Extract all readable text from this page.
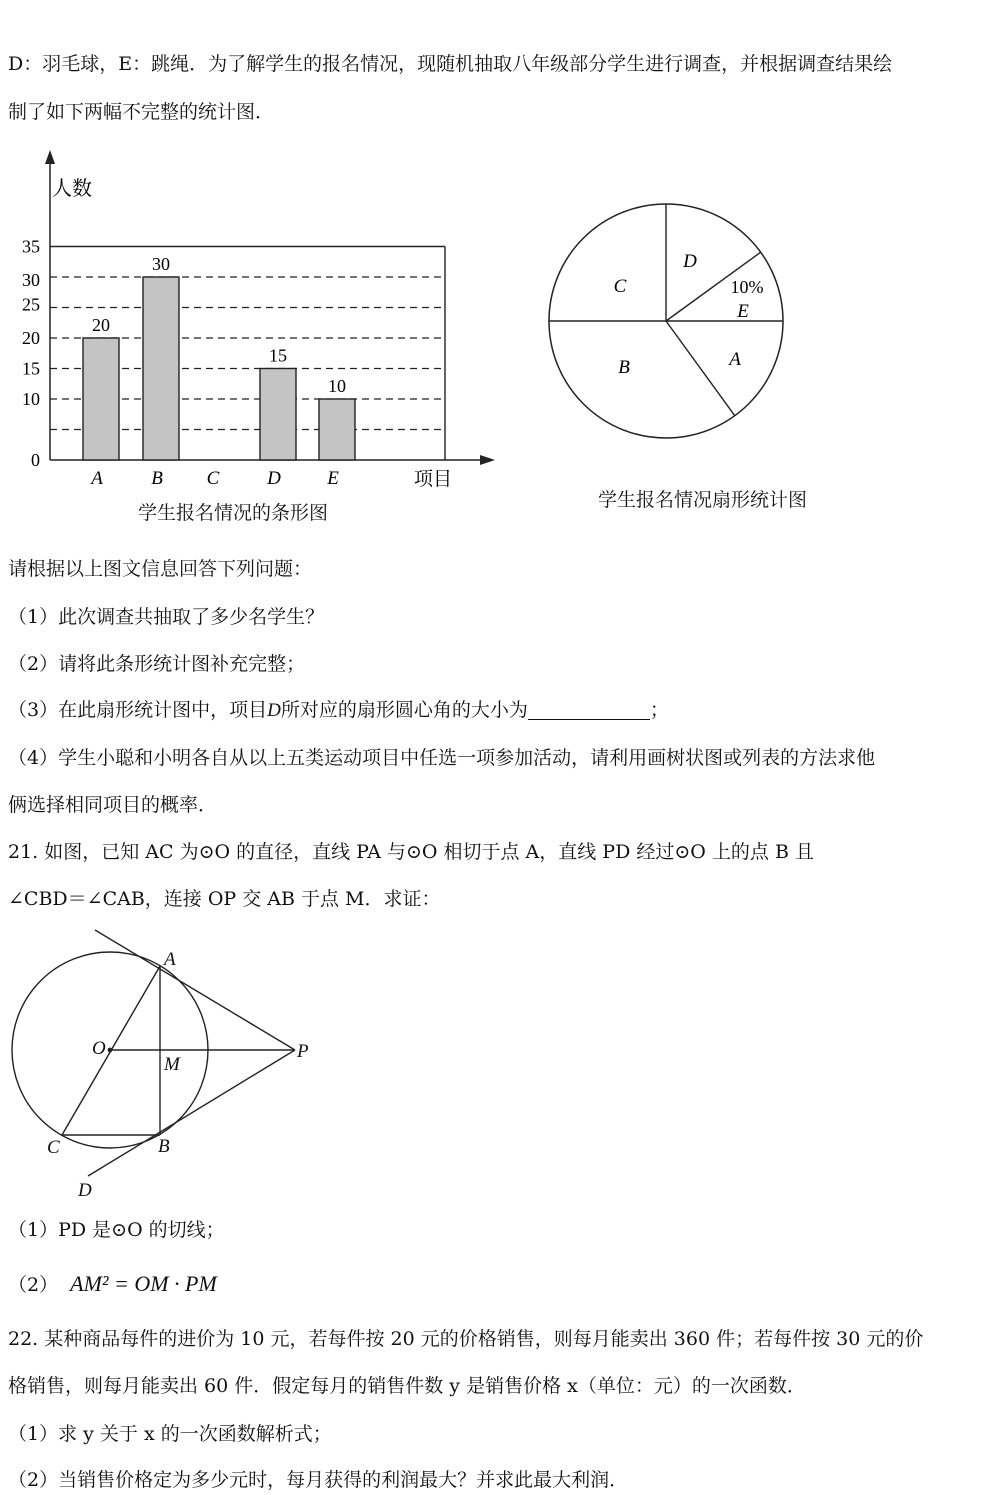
D：羽毛球，E：跳绳．为了解学生的报名情况，现随机抽取八年级部分学生进行调查，并根据调查结果绘
制了如下两幅不完整的统计图．
人数
项目
0
10
15
20
25
30
35
20
A
30
B C
15
D
10
E
学生报名情况的条形图
C
D
E
10%
A
B
学生报名情况扇形统计图
请根据以上图文信息回答下列问题：
（1）此次调查共抽取了多少名学生？
（2）请将此条形统计图补充完整；
（3）在此扇形统计图中，项目D所对应的扇形圆心角的大小为	；
（4）学生小聪和小明各自从以上五类运动项目中任选一项参加活动，请利用画树状图或列表的方法求他
俩选择相同项目的概率．
21. 如图，已知 AC 为⊙O 的直径，直线 PA 与⊙O 相切于点 A，直线 PD 经过⊙O 上的点 B 且
∠CBD＝∠CAB，连接 OP 交 AB 于点 M．求证：
A
O
M
P
C	B
D
（1）PD 是⊙O 的切线；
（2） AM² = OM · PM
22. 某种商品每件的进价为 10 元，若每件按 20 元的价格销售，则每月能卖出 360 件；若每件按 30 元的价
格销售，则每月能卖出 60 件．假定每月的销售件数 y 是销售价格 x（单位：元）的一次函数．
（1）求 y 关于 x 的一次函数解析式；
（2）当销售价格定为多少元时，每月获得的利润最大？并求此最大利润．
